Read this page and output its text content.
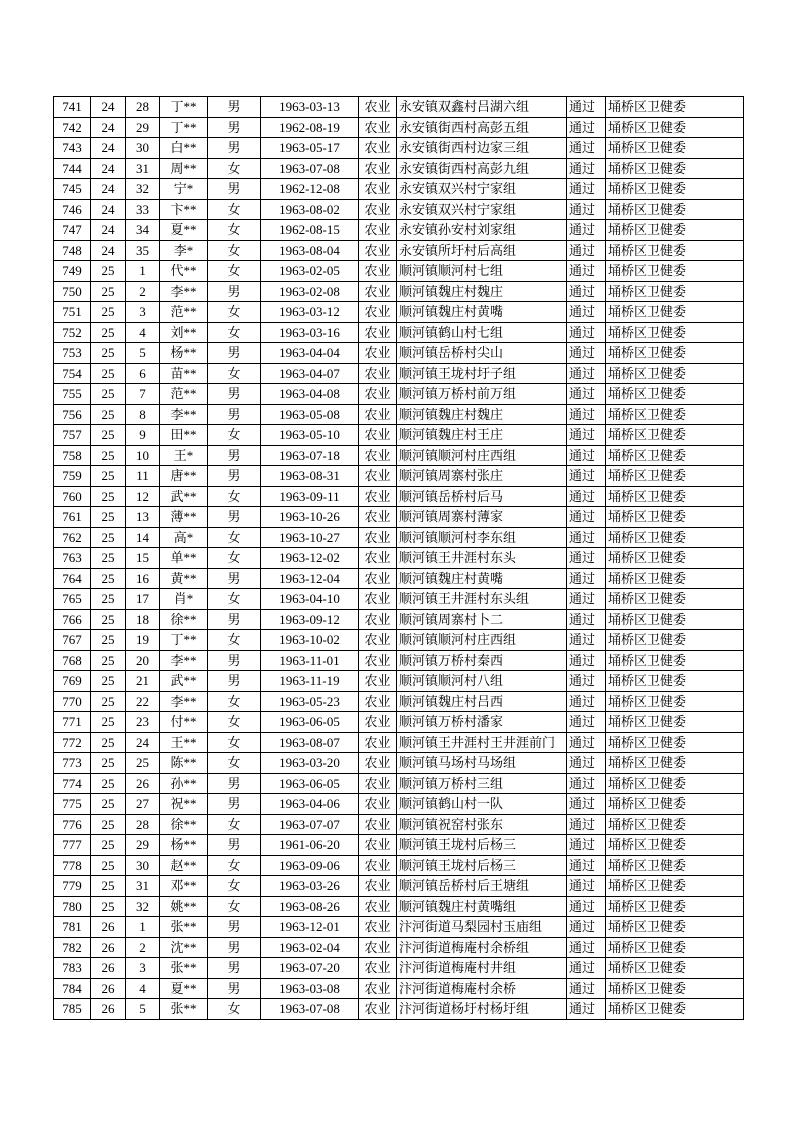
741	24	28	丁**	男	1963-03-13	农业	永安镇双鑫村吕湖六组	通过	埇桥区卫健委
742	24	29	丁**	男	1962-08-19	农业	永安镇街西村高彭五组	通过	埇桥区卫健委
743	24	30	白**	男	1963-05-17	农业	永安镇街西村边家三组	通过	埇桥区卫健委
744	24	31	周**	女	1963-07-08	农业	永安镇街西村高彭九组	通过	埇桥区卫健委
745	24	32	宁*	男	1962-12-08	农业	永安镇双兴村宁家组	通过	埇桥区卫健委
746	24	33	卞**	女	1963-08-02	农业	永安镇双兴村宁家组	通过	埇桥区卫健委
747	24	34	夏**	女	1962-08-15	农业	永安镇孙安村刘家组	通过	埇桥区卫健委
748	24	35	李*	女	1963-08-04	农业	永安镇所圩村后高组	通过	埇桥区卫健委
749	25	1	代**	女	1963-02-05	农业	顺河镇顺河村七组	通过	埇桥区卫健委
750	25	2	李**	男	1963-02-08	农业	顺河镇魏庄村魏庄	通过	埇桥区卫健委
751	25	3	范**	女	1963-03-12	农业	顺河镇魏庄村黄嘴	通过	埇桥区卫健委
752	25	4	刘**	女	1963-03-16	农业	顺河镇鹤山村七组	通过	埇桥区卫健委
753	25	5	杨**	男	1963-04-04	农业	顺河镇岳桥村尖山	通过	埇桥区卫健委
754	25	6	苗**	女	1963-04-07	农业	顺河镇王垅村圩子组	通过	埇桥区卫健委
755	25	7	范**	男	1963-04-08	农业	顺河镇万桥村前万组	通过	埇桥区卫健委
756	25	8	李**	男	1963-05-08	农业	顺河镇魏庄村魏庄	通过	埇桥区卫健委
757	25	9	田**	女	1963-05-10	农业	顺河镇魏庄村王庄	通过	埇桥区卫健委
758	25	10	王*	男	1963-07-18	农业	顺河镇顺河村庄西组	通过	埇桥区卫健委
759	25	11	唐**	男	1963-08-31	农业	顺河镇周寨村张庄	通过	埇桥区卫健委
760	25	12	武**	女	1963-09-11	农业	顺河镇岳桥村后马	通过	埇桥区卫健委
761	25	13	薄**	男	1963-10-26	农业	顺河镇周寨村薄家	通过	埇桥区卫健委
762	25	14	高*	女	1963-10-27	农业	顺河镇顺河村李东组	通过	埇桥区卫健委
763	25	15	单**	女	1963-12-02	农业	顺河镇王井涯村东头	通过	埇桥区卫健委
764	25	16	黄**	男	1963-12-04	农业	顺河镇魏庄村黄嘴	通过	埇桥区卫健委
765	25	17	肖*	女	1963-04-10	农业	顺河镇王井涯村东头组	通过	埇桥区卫健委
766	25	18	徐**	男	1963-09-12	农业	顺河镇周寨村卜二	通过	埇桥区卫健委
767	25	19	丁**	女	1963-10-02	农业	顺河镇顺河村庄西组	通过	埇桥区卫健委
768	25	20	李**	男	1963-11-01	农业	顺河镇万桥村秦西	通过	埇桥区卫健委
769	25	21	武**	男	1963-11-19	农业	顺河镇顺河村八组	通过	埇桥区卫健委
770	25	22	李**	女	1963-05-23	农业	顺河镇魏庄村吕西	通过	埇桥区卫健委
771	25	23	付**	女	1963-06-05	农业	顺河镇万桥村潘家	通过	埇桥区卫健委
772	25	24	王**	女	1963-08-07	农业	顺河镇王井涯村王井涯前门	通过	埇桥区卫健委
773	25	25	陈**	女	1963-03-20	农业	顺河镇马场村马场组	通过	埇桥区卫健委
774	25	26	孙**	男	1963-06-05	农业	顺河镇万桥村三组	通过	埇桥区卫健委
775	25	27	祝**	男	1963-04-06	农业	顺河镇鹤山村一队	通过	埇桥区卫健委
776	25	28	徐**	女	1963-07-07	农业	顺河镇祝窑村张东	通过	埇桥区卫健委
777	25	29	杨**	男	1961-06-20	农业	顺河镇王垅村后杨三	通过	埇桥区卫健委
778	25	30	赵**	女	1963-09-06	农业	顺河镇王垅村后杨三	通过	埇桥区卫健委
779	25	31	邓**	女	1963-03-26	农业	顺河镇岳桥村后王塘组	通过	埇桥区卫健委
780	25	32	姚**	女	1963-08-26	农业	顺河镇魏庄村黄嘴组	通过	埇桥区卫健委
781	26	1	张**	男	1963-12-01	农业	汴河街道马梨园村玉庙组	通过	埇桥区卫健委
782	26	2	沈**	男	1963-02-04	农业	汴河街道梅庵村余桥组	通过	埇桥区卫健委
783	26	3	张**	男	1963-07-20	农业	汴河街道梅庵村井组	通过	埇桥区卫健委
784	26	4	夏**	男	1963-03-08	农业	汴河街道梅庵村余桥	通过	埇桥区卫健委
785	26	5	张**	女	1963-07-08	农业	汴河街道杨圩村杨圩组	通过	埇桥区卫健委
